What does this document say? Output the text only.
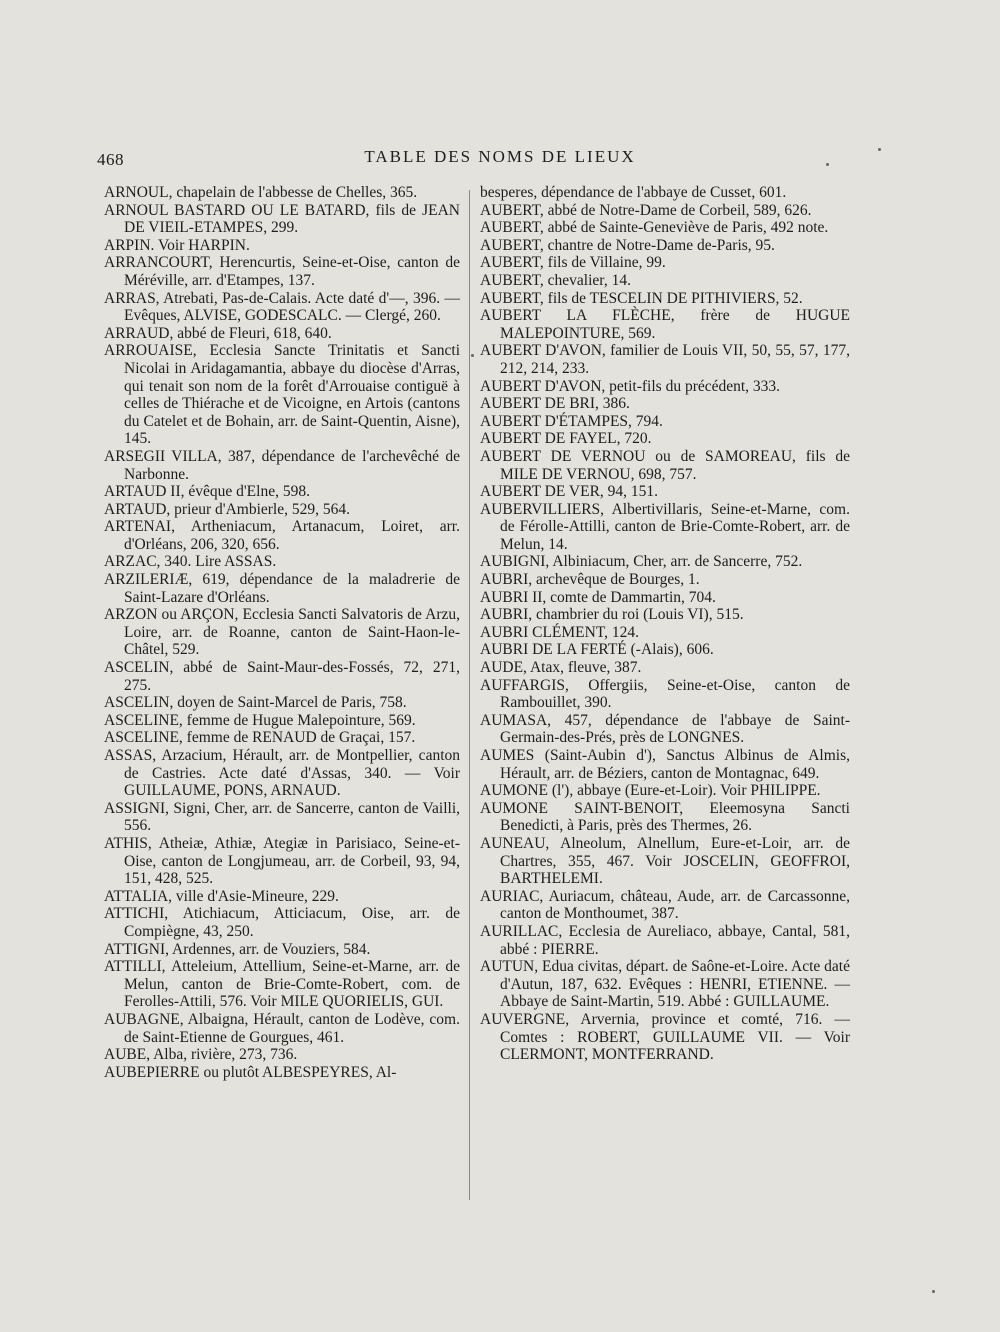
468	TABLE DES NOMS DE LIEUX
ARNOUL, chapelain de l'abbesse de Chelles, 365.
ARNOUL BASTARD OU LE BATARD, fils de JEAN DE VIEIL-ETAMPES, 299.
ARPIN. Voir HARPIN.
ARRANCOURT, Herencurtis, Seine-et-Oise, canton de Méréville, arr. d'Etampes, 137.
ARRAS, Atrebati, Pas-de-Calais. Acte daté d'—, 396. — Evêques, ALVISE, GODESCALC. — Clergé, 260.
ARRAUD, abbé de Fleuri, 618, 640.
ARROUAISE, Ecclesia Sancte Trinitatis et Sancti Nicolai in Aridagamantia, abbaye du diocèse d'Arras, qui tenait son nom de la forêt d'Arrouaise contiguë à celles de Thiérache et de Vicoigne, en Artois (cantons du Catelet et de Bohain, arr. de Saint-Quentin, Aisne), 145.
ARSEGII VILLA, 387, dépendance de l'archevêché de Narbonne.
ARTAUD II, évêque d'Elne, 598.
ARTAUD, prieur d'Ambierle, 529, 564.
ARTENAI, Artheniacum, Artanacum, Loiret, arr. d'Orléans, 206, 320, 656.
ARZAC, 340. Lire ASSAS.
ARZILERIÆ, 619, dépendance de la maladrerie de Saint-Lazare d'Orléans.
ARZON ou ARÇON, Ecclesia Sancti Salvatoris de Arzu, Loire, arr. de Roanne, canton de Saint-Haon-le-Châtel, 529.
ASCELIN, abbé de Saint-Maur-des-Fossés, 72, 271, 275.
ASCELIN, doyen de Saint-Marcel de Paris, 758.
ASCELINE, femme de Hugue Malepointure, 569.
ASCELINE, femme de RENAUD de Graçai, 157.
ASSAS, Arzacium, Hérault, arr. de Montpellier, canton de Castries. Acte daté d'Assas, 340. — Voir GUILLAUME, PONS, ARNAUD.
ASSIGNI, Signi, Cher, arr. de Sancerre, canton de Vailli, 556.
ATHIS, Atheiæ, Athiæ, Ategiæ in Parisiaco, Seine-et-Oise, canton de Longjumeau, arr. de Corbeil, 93, 94, 151, 428, 525.
ATTALIA, ville d'Asie-Mineure, 229.
ATTICHI, Atichiacum, Atticiacum, Oise, arr. de Compiègne, 43, 250.
ATTIGNI, Ardennes, arr. de Vouziers, 584.
ATTILLI, Atteleium, Attellium, Seine-et-Marne, arr. de Melun, canton de Brie-Comte-Robert, com. de Ferolles-Attili, 576. Voir MILE QUORIELIS, GUI.
AUBAGNE, Albaigna, Hérault, canton de Lodève, com. de Saint-Etienne de Gourgues, 461.
AUBE, Alba, rivière, 273, 736.
AUBEPIERRE ou plutôt ALBESPEYRES, Al-
besperes, dépendance de l'abbaye de Cusset, 601.
AUBERT, abbé de Notre-Dame de Corbeil, 589, 626.
AUBERT, abbé de Sainte-Geneviève de Paris, 492 note.
AUBERT, chantre de Notre-Dame de-Paris, 95.
AUBERT, fils de Villaine, 99.
AUBERT, chevalier, 14.
AUBERT, fils de TESCELIN DE PITHIVIERS, 52.
AUBERT LA FLÈCHE, frère de HUGUE MALEPOINTURE, 569.
AUBERT D'AVON, familier de Louis VII, 50, 55, 57, 177, 212, 214, 233.
AUBERT D'AVON, petit-fils du précédent, 333.
AUBERT DE BRI, 386.
AUBERT D'ÉTAMPES, 794.
AUBERT DE FAYEL, 720.
AUBERT DE VERNOU ou de SAMOREAU, fils de MILE DE VERNOU, 698, 757.
AUBERT DE VER, 94, 151.
AUBERVILLIERS, Albertivillaris, Seine-et-Marne, com. de Férolle-Attilli, canton de Brie-Comte-Robert, arr. de Melun, 14.
AUBIGNI, Albiniacum, Cher, arr. de Sancerre, 752.
AUBRI, archevêque de Bourges, 1.
AUBRI II, comte de Dammartin, 704.
AUBRI, chambrier du roi (Louis VI), 515.
AUBRI CLÉMENT, 124.
AUBRI DE LA FERTÉ (-Alais), 606.
AUDE, Atax, fleuve, 387.
AUFFARGIS, Offergiis, Seine-et-Oise, canton de Rambouillet, 390.
AUMASA, 457, dépendance de l'abbaye de Saint-Germain-des-Prés, près de LONGNES.
AUMES (Saint-Aubin d'), Sanctus Albinus de Almis, Hérault, arr. de Béziers, canton de Montagnac, 649.
AUMONE (l'), abbaye (Eure-et-Loir). Voir PHILIPPE.
AUMONE SAINT-BENOIT, Eleemosyna Sancti Benedicti, à Paris, près des Thermes, 26.
AUNEAU, Alneolum, Alnellum, Eure-et-Loir, arr. de Chartres, 355, 467. Voir JOSCELIN, GEOFFROI, BARTHELEMI.
AURIAC, Auriacum, château, Aude, arr. de Carcassonne, canton de Monthoumet, 387.
AURILLAC, Ecclesia de Aureliaco, abbaye, Cantal, 581, abbé : PIERRE.
AUTUN, Edua civitas, départ. de Saône-et-Loire. Acte daté d'Autun, 187, 632. Evêques : HENRI, ETIENNE. — Abbaye de Saint-Martin, 519. Abbé : GUILLAUME.
AUVERGNE, Arvernia, province et comté, 716. — Comtes : ROBERT, GUILLAUME VII. — Voir CLERMONT, MONTFERRAND.
